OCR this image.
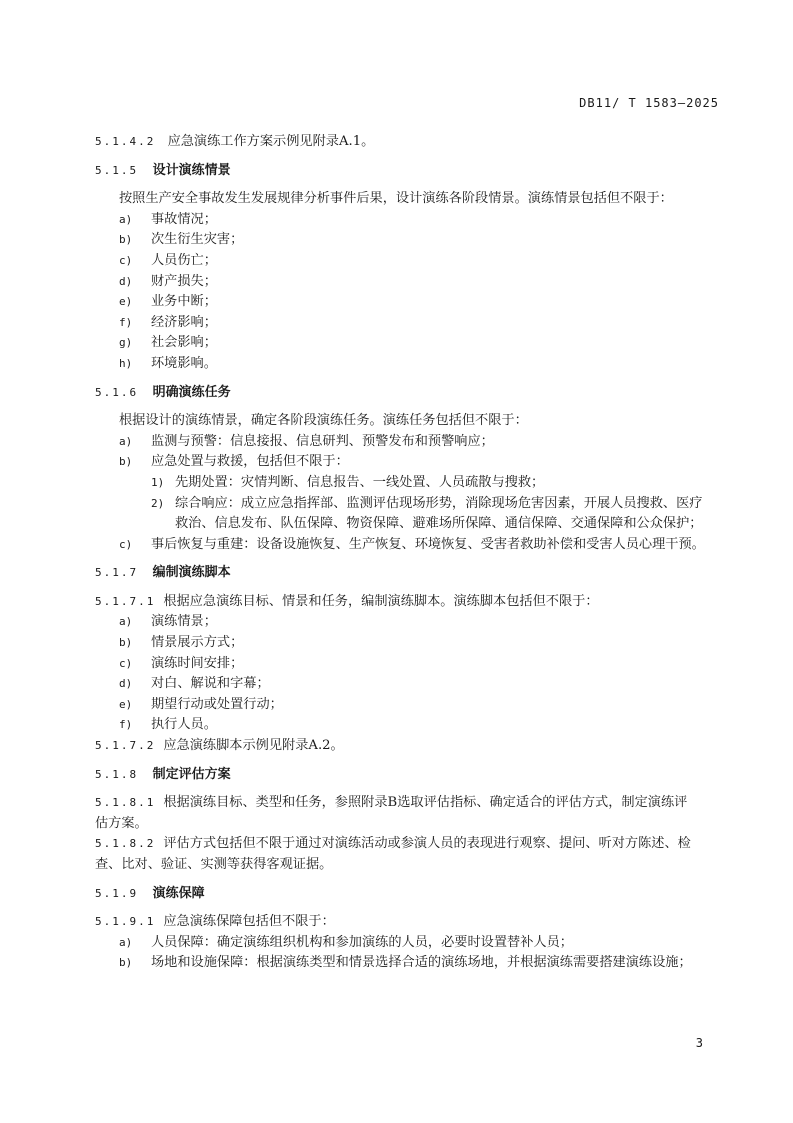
DB11/ T 1583—2025

5.1.4.2 应急演练工作方案示例见附录A.1。

5.1.5 设计演练情景

按照生产安全事故发生发展规律分析事件后果，设计演练各阶段情景。演练情景包括但不限于：

a)	事故情况；

b)	次生衍生灾害；

c)	人员伤亡；

d)	财产损失；

e)	业务中断；

f)	经济影响；

g)	社会影响；

h)	环境影响。

5.1.6 明确演练任务

根据设计的演练情景，确定各阶段演练任务。演练任务包括但不限于：

a)	监测与预警：信息接报、信息研判、预警发布和预警响应；

b)	应急处置与救援，包括但不限于：

1) 先期处置：灾情判断、信息报告、一线处置、人员疏散与搜救；

2) 综合响应：成立应急指挥部、监测评估现场形势，消除现场危害因素，开展人员搜救、医疗救治、信息发布、队伍保障、物资保障、避难场所保障、通信保障、交通保障和公众保护；

c)	事后恢复与重建：设备设施恢复、生产恢复、环境恢复、受害者救助补偿和受害人员心理干预。

5.1.7 编制演练脚本

5.1.7.1 根据应急演练目标、情景和任务，编制演练脚本。演练脚本包括但不限于：

a)	演练情景；

b)	情景展示方式；

c)	演练时间安排；

d)	对白、解说和字幕；

e)	期望行动或处置行动；

f)	执行人员。

5.1.7.2 应急演练脚本示例见附录A.2。

5.1.8 制定评估方案

5.1.8.1 根据演练目标、类型和任务，参照附录B选取评估指标、确定适合的评估方式，制定演练评

估方案。

5.1.8.2 评估方式包括但不限于通过对演练活动或参演人员的表现进行观察、提问、听对方陈述、检

查、比对、验证、实测等获得客观证据。

5.1.9 演练保障

5.1.9.1 应急演练保障包括但不限于：

a)	人员保障：确定演练组织机构和参加演练的人员，必要时设置替补人员；

b)	场地和设施保障：根据演练类型和情景选择合适的演练场地，并根据演练需要搭建演练设施；

3
